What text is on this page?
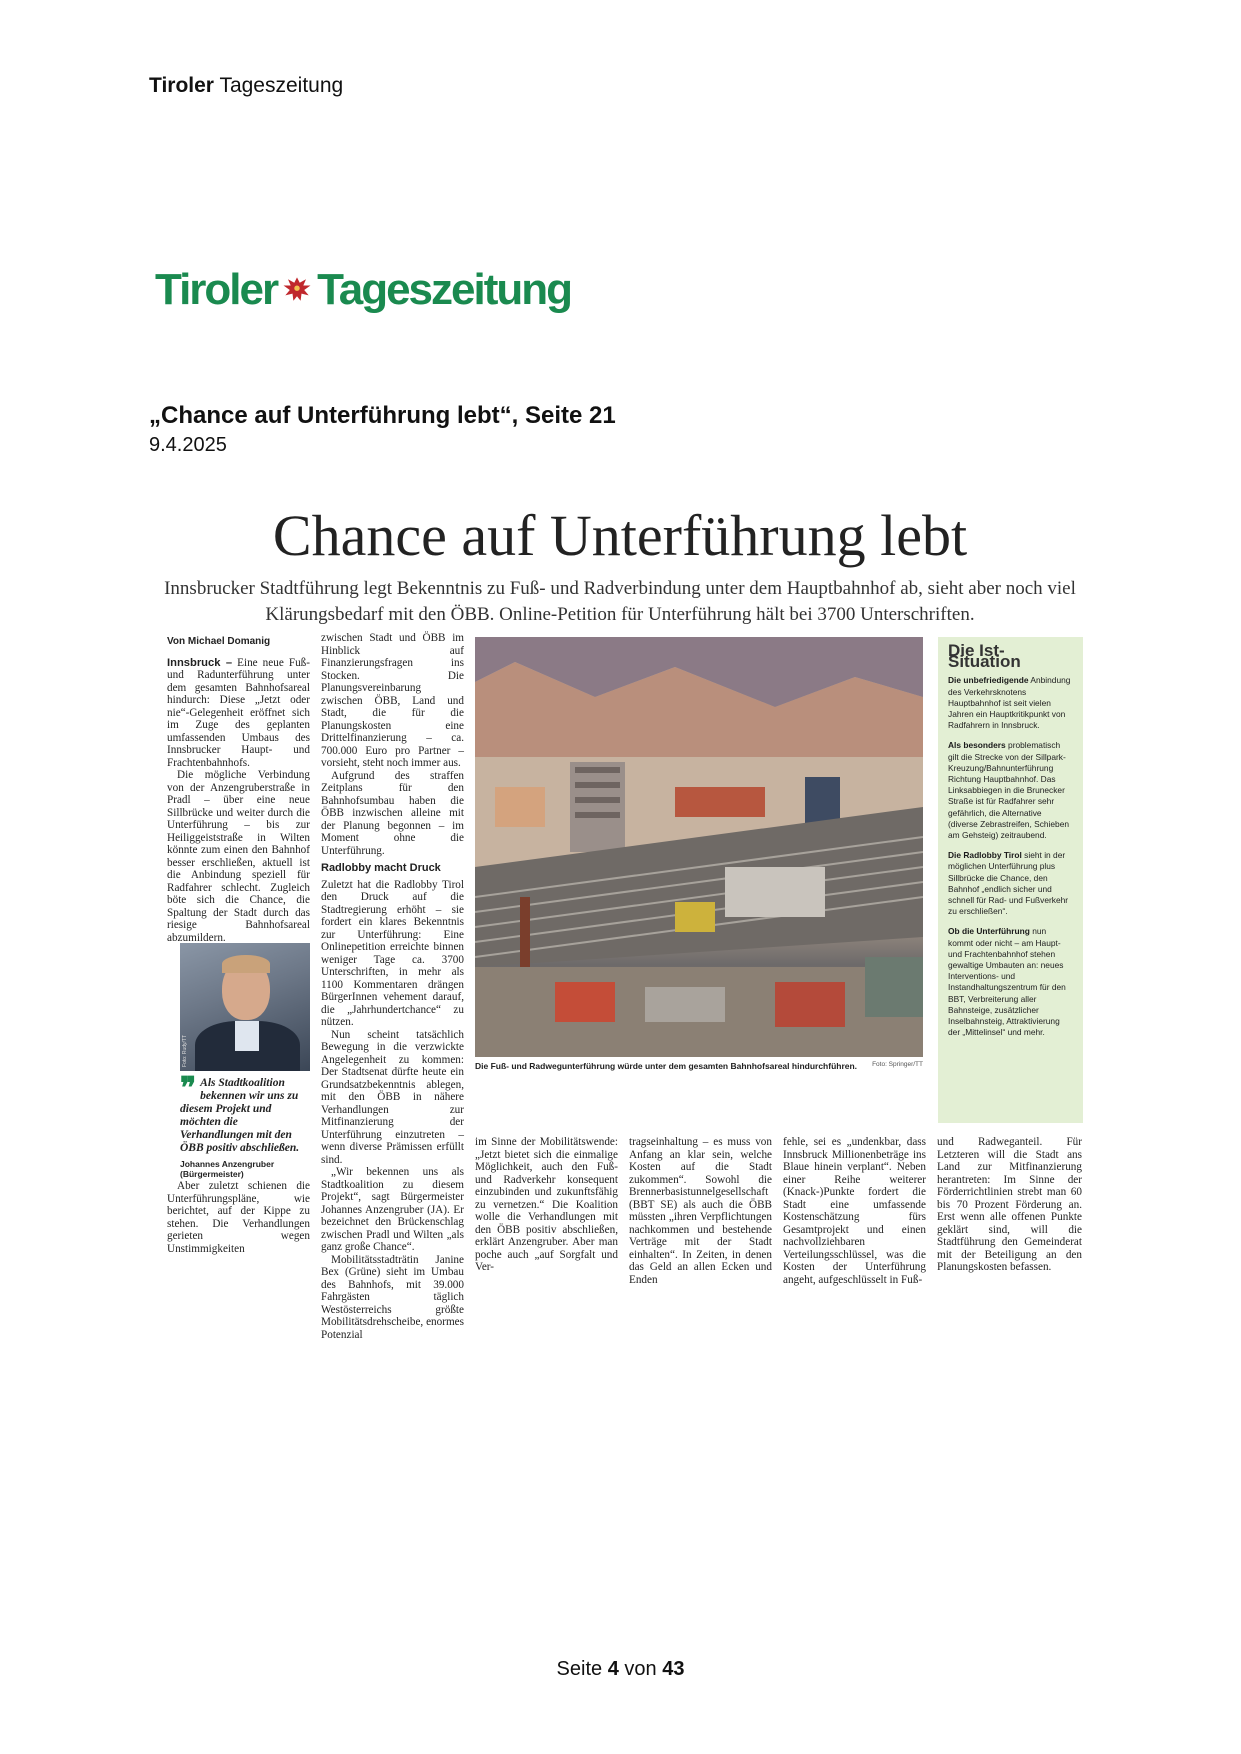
Tiroler Tageszeitung
Tiroler Tageszeitung
„Chance auf Unterführung lebt“, Seite 21
9.4.2025
Chance auf Unterführung lebt
Innsbrucker Stadtführung legt Bekenntnis zu Fuß- und Radverbindung unter dem Hauptbahnhof ab, sieht aber noch viel Klärungsbedarf mit den ÖBB. Online-Petition für Unterführung hält bei 3700 Unterschriften.
Von Michael Domanig

Innsbruck – Eine neue Fuß- und Radunterführung unter dem gesamten Bahnhofsareal hindurch: Diese „Jetzt oder nie“-Gelegenheit eröffnet sich im Zuge des geplanten umfassenden Umbaus des Innsbrucker Haupt- und Frachtenbahnhofs.

Die mögliche Verbindung von der Anzengruberstraße in Pradl – über eine neue Sillbrücke und weiter durch die Unterführung – bis zur Heiliggeiststraße in Wilten könnte zum einen den Bahnhof besser erschließen, aktuell ist die Anbindung speziell für Radfahrer schlecht. Zugleich böte sich die Chance, die Spaltung der Stadt durch das riesige Bahnhofsareal abzumildern.

Foto: Rudy/TT
❞ Als Stadtkoalition bekennen wir uns zu diesem Projekt und möchten die Verhandlungen mit den ÖBB positiv abschließen.
Johannes Anzengruber
(Bürgermeister)

Aber zuletzt schienen die Unterführungspläne, wie berichtet, auf der Kippe zu stehen. Die Verhandlungen gerieten wegen Unstimmigkeiten

zwischen Stadt und ÖBB im Hinblick auf Finanzierungsfragen ins Stocken. Die Planungsvereinbarung zwischen ÖBB, Land und Stadt, die für die Planungskosten eine Drittelfinanzierung – ca. 700.000 Euro pro Partner – vorsieht, steht noch immer aus.

Aufgrund des straffen Zeitplans für den Bahnhofsumbau haben die ÖBB inzwischen alleine mit der Planung begonnen – im Moment ohne die Unterführung.

Radlobby macht Druck

Zuletzt hat die Radlobby Tirol den Druck auf die Stadtregierung erhöht – sie fordert ein klares Bekenntnis zur Unterführung: Eine Onlinepetition erreichte binnen weniger Tage ca. 3700 Unterschriften, in mehr als 1100 Kommentaren drängen BürgerInnen vehement darauf, die „Jahrhundertchance“ zu nützen.

Nun scheint tatsächlich Bewegung in die verzwickte Angelegenheit zu kommen: Der Stadtsenat dürfte heute ein Grundsatzbekenntnis ablegen, mit den ÖBB in nähere Verhandlungen zur Mitfinanzierung der Unterführung einzutreten – wenn diverse Prämissen erfüllt sind.

„Wir bekennen uns als Stadtkoalition zu diesem Projekt“, sagt Bürgermeister Johannes Anzengruber (JA). Er bezeichnet den Brückenschlag zwischen Pradl und Wilten „als ganz große Chance“.

Mobilitätsstadträtin Janine Bex (Grüne) sieht im Umbau des Bahnhofs, mit 39.000 Fahrgästen täglich Westösterreichs größte Mobilitätsdrehscheibe, enormes Potenzial

Die Fuß- und Radwegunterführung würde unter dem gesamten Bahnhofsareal hindurchführen. Foto: Springer/TT
Die Ist-Situation

Die unbefriedigende Anbindung des Verkehrsknotens Hauptbahnhof ist seit vielen Jahren ein Hauptkritikpunkt von Radfahrern in Innsbruck.

Als besonders problematisch gilt die Strecke von der Sillpark-Kreuzung/Bahnunterführung Richtung Hauptbahnhof. Das Linksabbiegen in die Brunecker Straße ist für Radfahrer sehr gefährlich, die Alternative (diverse Zebrastreifen, Schieben am Gehsteig) zeitraubend.

Die Radlobby Tirol sieht in der möglichen Unterführung plus Sillbrücke die Chance, den Bahnhof „endlich sicher und schnell für Rad- und Fußverkehr zu erschließen“.

Ob die Unterführung nun kommt oder nicht – am Haupt- und Frachtenbahnhof stehen gewaltige Umbauten an: neues Interventions- und Instandhaltungszentrum für den BBT, Verbreiterung aller Bahnsteige, zusätzlicher Inselbahnsteig, Attraktivierung der „Mittelinsel“ und mehr.

im Sinne der Mobilitätswende: „Jetzt bietet sich die einmalige Möglichkeit, auch den Fuß- und Radverkehr konsequent einzubinden und zukunftsfähig zu vernetzen.“ Die Koalition wolle die Verhandlungen mit den ÖBB positiv abschließen, erklärt Anzengruber. Aber man poche auch „auf Sorgfalt und Ver-

tragseinhaltung – es muss von Anfang an klar sein, welche Kosten auf die Stadt zukommen“. Sowohl die Brennerbasistunnelgesellschaft (BBT SE) als auch die ÖBB müssten „ihren Verpflichtungen nachkommen und bestehende Verträge mit der Stadt einhalten“. In Zeiten, in denen das Geld an allen Ecken und Enden

fehle, sei es „undenkbar, dass Innsbruck Millionenbeträge ins Blaue hinein verplant“. Neben einer Reihe weiterer (Knack-)Punkte fordert die Stadt eine umfassende Kostenschätzung fürs Gesamtprojekt und einen nachvollziehbaren Verteilungsschlüssel, was die Kosten der Unterführung angeht, aufgeschlüsselt in Fuß-

und Radweganteil. Für Letzteren will die Stadt ans Land zur Mitfinanzierung herantreten: Im Sinne der Förderrichtlinien strebt man 60 bis 70 Prozent Förderung an. Erst wenn alle offenen Punkte geklärt sind, will die Stadtführung den Gemeinderat mit der Beteiligung an den Planungskosten befassen.

Seite 4 von 43
